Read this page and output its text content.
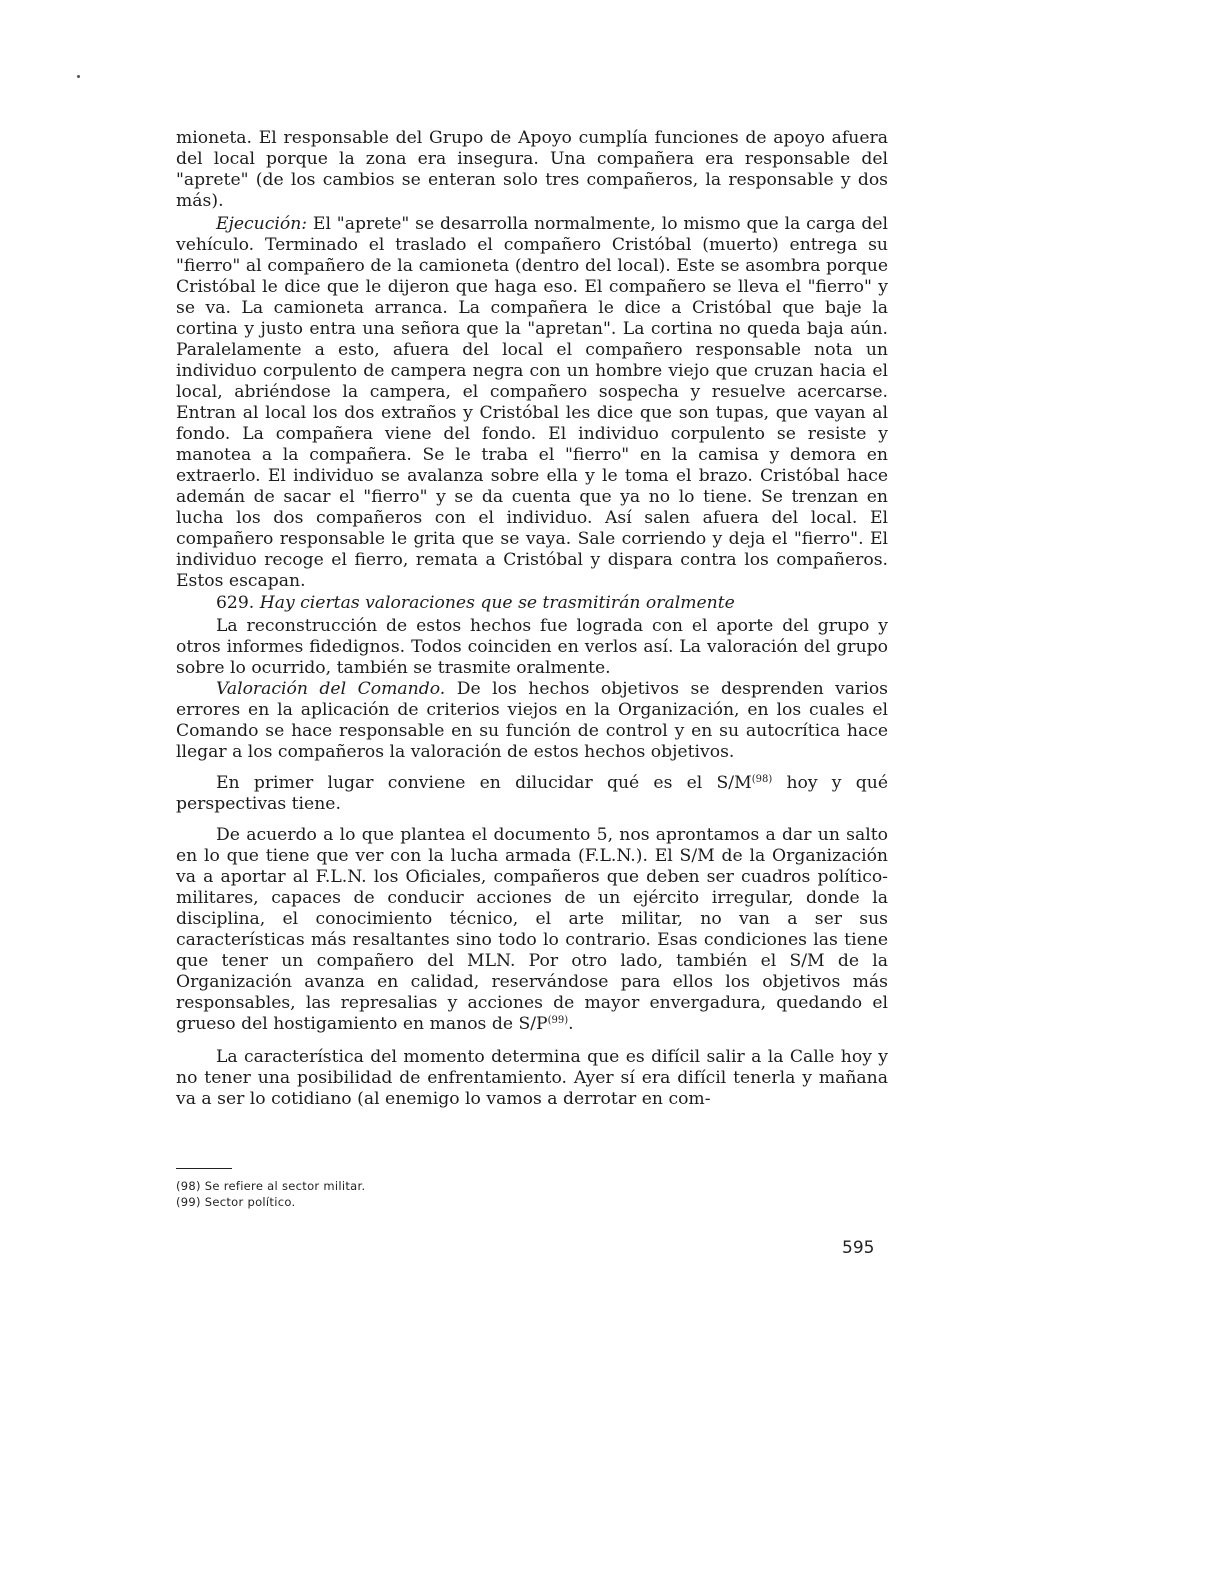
mioneta. El responsable del Grupo de Apoyo cumplía funciones de apoyo afuera del local porque la zona era insegura. Una compañera era responsable del "aprete" (de los cambios se enteran solo tres compañeros, la responsable y dos más).

Ejecución: El "aprete" se desarrolla normalmente, lo mismo que la carga del vehículo. Terminado el traslado el compañero Cristóbal (muerto) entrega su "fierro" al compañero de la camioneta (dentro del local). Este se asombra porque Cristóbal le dice que le dijeron que haga eso. El compañero se lleva el "fierro" y se va. La camioneta arranca. La compañera le dice a Cristóbal que baje la cortina y justo entra una señora que la "apretan". La cortina no queda baja aún. Paralelamente a esto, afuera del local el compañero responsable nota un individuo corpulento de campera negra con un hombre viejo que cruzan hacia el local, abriéndose la campera, el compañero sospecha y resuelve acercarse. Entran al local los dos extraños y Cristóbal les dice que son tupas, que vayan al fondo. La compañera viene del fondo. El individuo corpulento se resiste y manotea a la compañera. Se le traba el "fierro" en la camisa y demora en extraerlo. El individuo se avalanza sobre ella y le toma el brazo. Cristóbal hace ademán de sacar el "fierro" y se da cuenta que ya no lo tiene. Se trenzan en lucha los dos compañeros con el individuo. Así salen afuera del local. El compañero responsable le grita que se vaya. Sale corriendo y deja el "fierro". El individuo recoge el fierro, remata a Cristóbal y dispara contra los compañeros. Estos escapan.

629. Hay ciertas valoraciones que se trasmitirán oralmente

La reconstrucción de estos hechos fue lograda con el aporte del grupo y otros informes fidedignos. Todos coinciden en verlos así. La valoración del grupo sobre lo ocurrido, también se trasmite oralmente.

Valoración del Comando. De los hechos objetivos se desprenden varios errores en la aplicación de criterios viejos en la Organización, en los cuales el Comando se hace responsable en su función de control y en su autocrítica hace llegar a los compañeros la valoración de estos hechos objetivos.

En primer lugar conviene en dilucidar qué es el $S/M^{(98)}$ hoy y qué perspectivas tiene.

De acuerdo a lo que plantea el documento 5, nos aprontamos a dar un salto en lo que tiene que ver con la lucha armada (F.L.N.). El S/M de la Organización va a aportar al F.L.N. los Oficiales, compañeros que deben ser cuadros político-militares, capaces de conducir acciones de un ejército irregular, donde la disciplina, el conocimiento técnico, el arte militar, no van a ser sus características más resaltantes sino todo lo contrario. Esas condiciones las tiene que tener un compañero del MLN. Por otro lado, también el S/M de la Organización avanza en calidad, reservándose para ellos los objetivos más responsables, las represalias y acciones de mayor envergadura, quedando el grueso del hostigamiento en manos de $S/P^{(99)}$.

La característica del momento determina que es difícil salir a la Calle hoy y no tener una posibilidad de enfrentamiento. Ayer sí era difícil tenerla y mañana va a ser lo cotidiano (al enemigo lo vamos a derrotar en com-

(98) Se refiere al sector militar.
(99) Sector político.
595
